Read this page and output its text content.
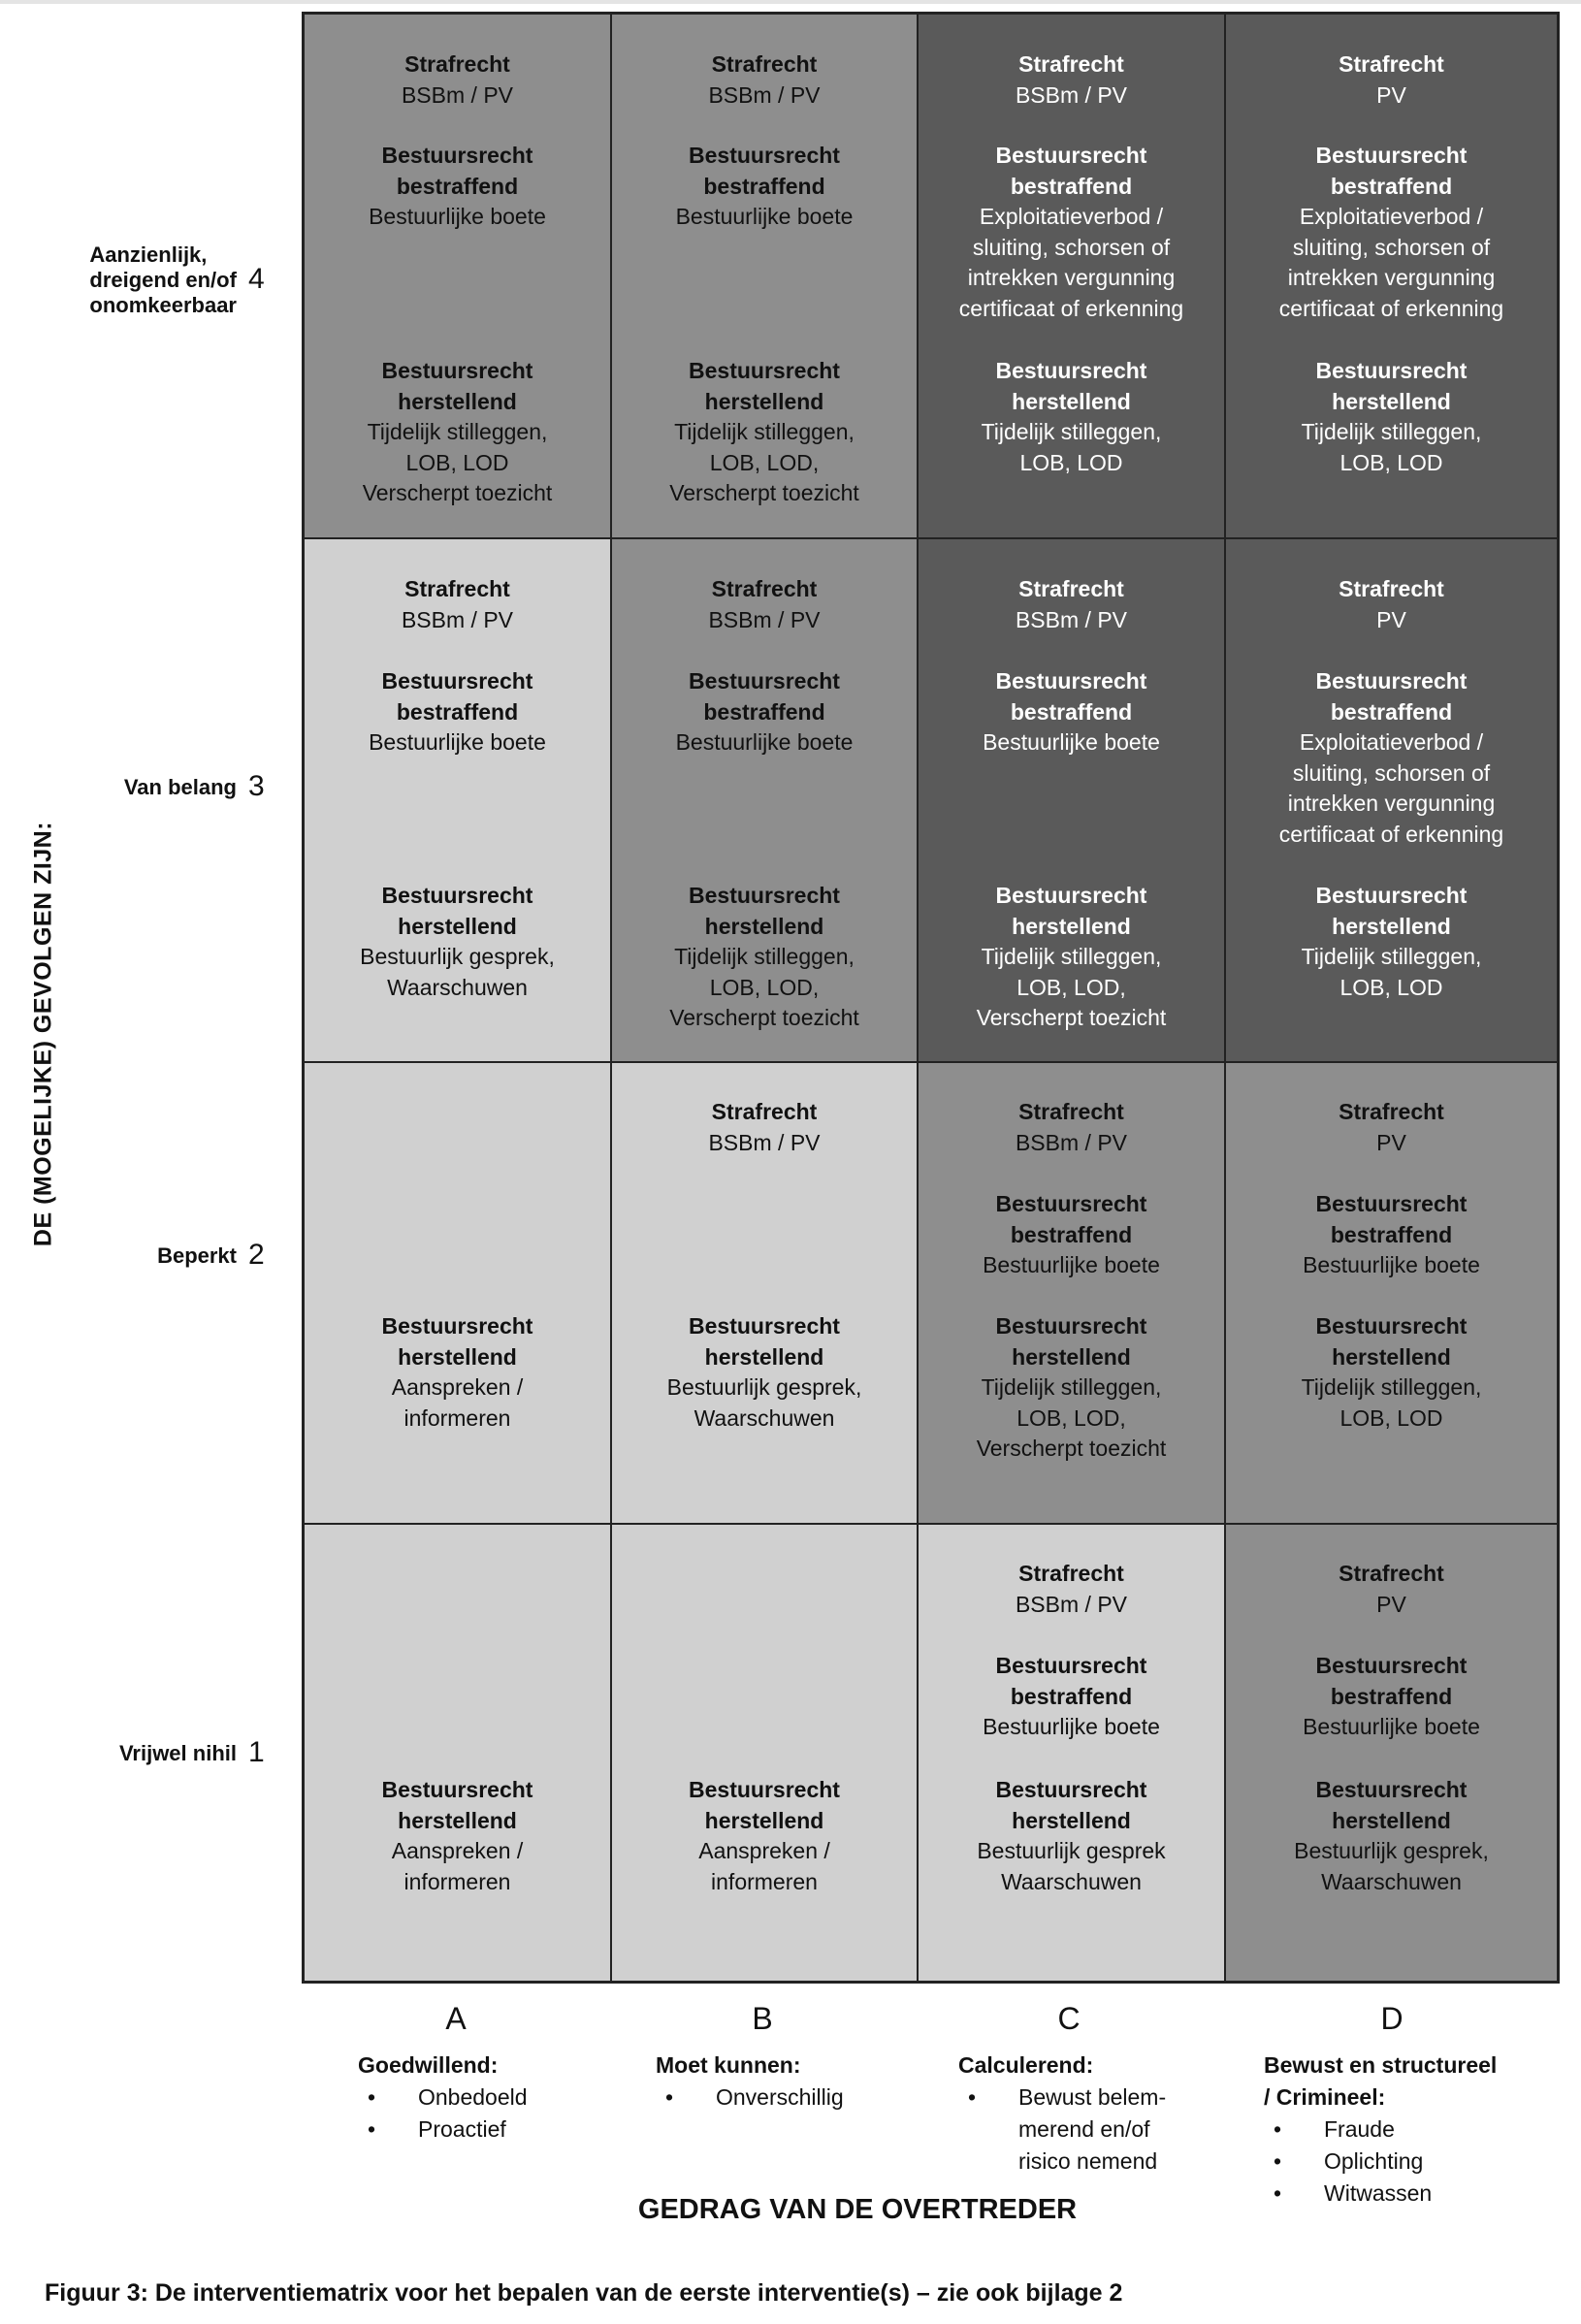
DE (MOGELIJKE) GEVOLGEN ZIJN:
Aanzienlijk,
dreigend en/of
onomkeerbaar
4
Van belang 3
Beperkt 2
Vrijwel nihil 1
Strafrecht
BSBm / PV
Bestuursrecht
bestraffend
Bestuurlijke boete
Bestuursrecht
herstellend
Tijdelijk stilleggen,
LOB, LOD
Verscherpt toezicht
Strafrecht
BSBm / PV
Bestuursrecht
bestraffend
Bestuurlijke boete
Bestuursrecht
herstellend
Tijdelijk stilleggen,
LOB, LOD,
Verscherpt toezicht
Strafrecht
BSBm / PV
Bestuursrecht
bestraffend
Exploitatieverbod /
sluiting, schorsen of
intrekken vergunning
certificaat of erkenning
Bestuursrecht
herstellend
Tijdelijk stilleggen,
LOB, LOD
Strafrecht
PV
Bestuursrecht
bestraffend
Exploitatieverbod /
sluiting, schorsen of
intrekken vergunning
certificaat of erkenning
Bestuursrecht
herstellend
Tijdelijk stilleggen,
LOB, LOD
Strafrecht
BSBm / PV
Bestuursrecht
bestraffend
Bestuurlijke boete
Bestuursrecht
herstellend
Bestuurlijk gesprek,
Waarschuwen
Strafrecht
BSBm / PV
Bestuursrecht
bestraffend
Bestuurlijke boete
Bestuursrecht
herstellend
Tijdelijk stilleggen,
LOB, LOD,
Verscherpt toezicht
Strafrecht
BSBm / PV
Bestuursrecht
bestraffend
Bestuurlijke boete
Bestuursrecht
herstellend
Tijdelijk stilleggen,
LOB, LOD,
Verscherpt toezicht
Strafrecht
PV
Bestuursrecht
bestraffend
Exploitatieverbod /
sluiting, schorsen of
intrekken vergunning
certificaat of erkenning
Bestuursrecht
herstellend
Tijdelijk stilleggen,
LOB, LOD
Bestuursrecht
herstellend
Aanspreken /
informeren
Strafrecht
BSBm / PV
Bestuursrecht
herstellend
Bestuurlijk gesprek,
Waarschuwen
Strafrecht
BSBm / PV
Bestuursrecht
bestraffend
Bestuurlijke boete
Bestuursrecht
herstellend
Tijdelijk stilleggen,
LOB, LOD,
Verscherpt toezicht
Strafrecht
PV
Bestuursrecht
bestraffend
Bestuurlijke boete
Bestuursrecht
herstellend
Tijdelijk stilleggen,
LOB, LOD
Bestuursrecht
herstellend
Aanspreken /
informeren
Bestuursrecht
herstellend
Aanspreken /
informeren
Strafrecht
BSBm / PV
Bestuursrecht
bestraffend
Bestuurlijke boete
Bestuursrecht
herstellend
Bestuurlijk gesprek
Waarschuwen
Strafrecht
PV
Bestuursrecht
bestraffend
Bestuurlijke boete
Bestuursrecht
herstellend
Bestuurlijk gesprek,
Waarschuwen
A
Goedwillend:
• Onbedoeld
• Proactief
B
Moet kunnen:
• Onverschillig
C
Calculerend:
• Bewust belem-
merend en/of
risico nemend
D
Bewust en structureel
/ Crimineel:
• Fraude
• Oplichting
• Witwassen
GEDRAG VAN DE OVERTREDER
Figuur 3: De interventiematrix voor het bepalen van de eerste interventie(s) – zie ook bijlage 2
